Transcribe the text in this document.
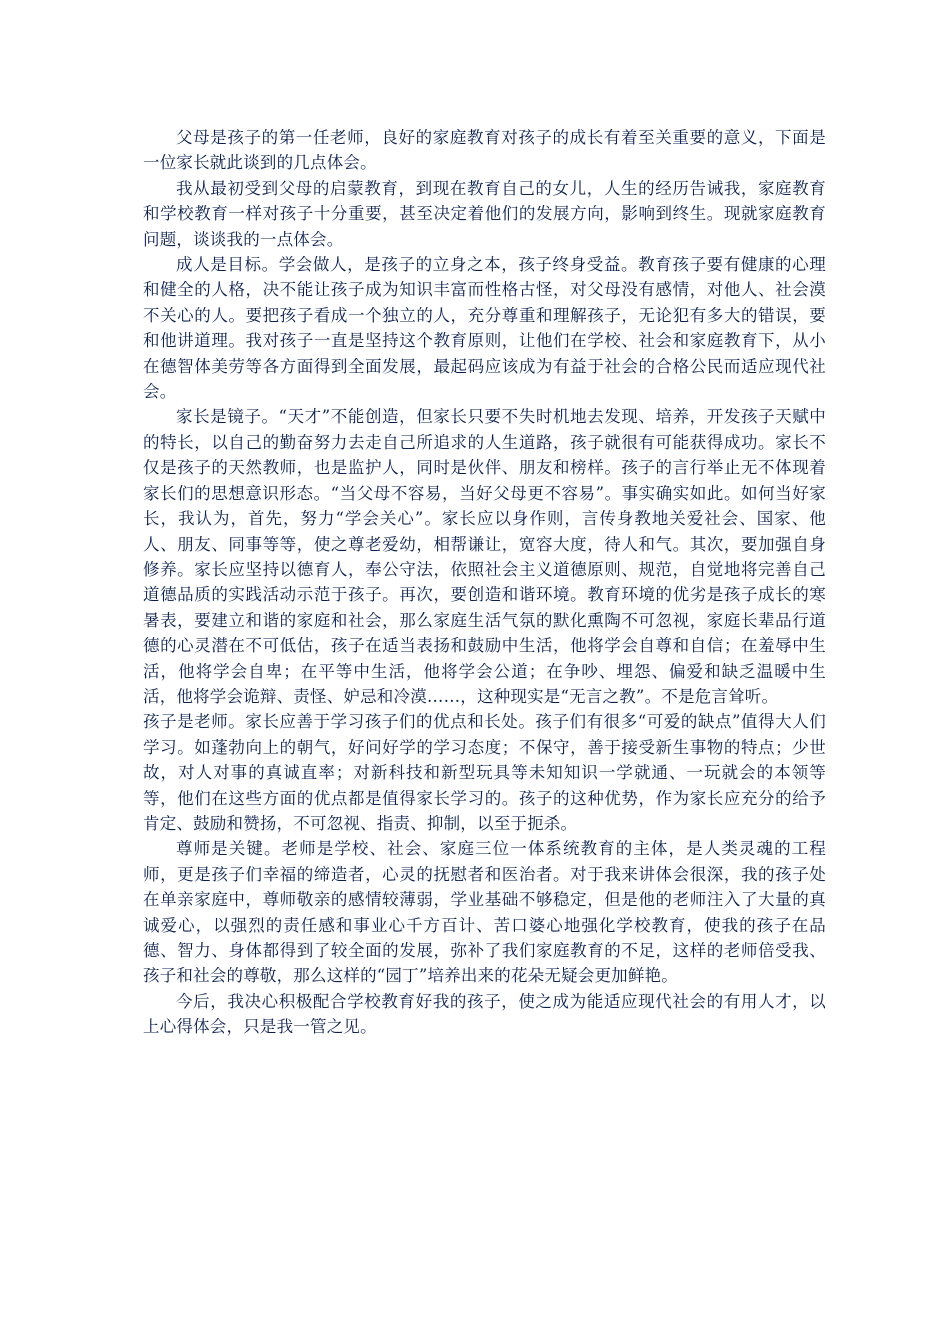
父母是孩子的第一任老师，良好的家庭教育对孩子的成长有着至关重要的意义，下面是一位家长就此谈到的几点体会。

我从最初受到父母的启蒙教育，到现在教育自己的女儿，人生的经历告诫我，家庭教育和学校教育一样对孩子十分重要，甚至决定着他们的发展方向，影响到终生。现就家庭教育问题，谈谈我的一点体会。

成人是目标。学会做人，是孩子的立身之本，孩子终身受益。教育孩子要有健康的心理和健全的人格，决不能让孩子成为知识丰富而性格古怪，对父母没有感情，对他人、社会漠不关心的人。要把孩子看成一个独立的人，充分尊重和理解孩子，无论犯有多大的错误，要和他讲道理。我对孩子一直是坚持这个教育原则，让他们在学校、社会和家庭教育下，从小在德智体美劳等各方面得到全面发展，最起码应该成为有益于社会的合格公民而适应现代社会。

家长是镜子。“天才”不能创造，但家长只要不失时机地去发现、培养，开发孩子天赋中的特长，以自己的勤奋努力去走自己所追求的人生道路，孩子就很有可能获得成功。家长不仅是孩子的天然教师，也是监护人，同时是伙伴、朋友和榜样。孩子的言行举止无不体现着家长们的思想意识形态。“当父母不容易，当好父母更不容易”。事实确实如此。如何当好家长，我认为，首先，努力“学会关心”。家长应以身作则，言传身教地关爱社会、国家、他人、朋友、同事等等，使之尊老爱幼，相帮谦让，宽容大度，待人和气。其次，要加强自身修养。家长应坚持以德育人，奉公守法，依照社会主义道德原则、规范，自觉地将完善自己道德品质的实践活动示范于孩子。再次，要创造和谐环境。教育环境的优劣是孩子成长的寒暑表，要建立和谐的家庭和社会，那么家庭生活气氛的默化熏陶不可忽视，家庭长辈品行道德的心灵潜在不可低估，孩子在适当表扬和鼓励中生活，他将学会自尊和自信；在羞辱中生活，他将学会自卑；在平等中生活，他将学会公道；在争吵、埋怨、偏爱和缺乏温暖中生活，他将学会诡辩、责怪、妒忌和冷漠……，这种现实是“无言之教”。不是危言耸听。

孩子是老师。家长应善于学习孩子们的优点和长处。孩子们有很多“可爱的缺点”值得大人们学习。如蓬勃向上的朝气，好问好学的学习态度；不保守，善于接受新生事物的特点；少世故，对人对事的真诚直率；对新科技和新型玩具等未知知识一学就通、一玩就会的本领等等，他们在这些方面的优点都是值得家长学习的。孩子的这种优势，作为家长应充分的给予肯定、鼓励和赞扬，不可忽视、指责、抑制，以至于扼杀。

尊师是关键。老师是学校、社会、家庭三位一体系统教育的主体，是人类灵魂的工程师，更是孩子们幸福的缔造者，心灵的抚慰者和医治者。对于我来讲体会很深，我的孩子处在单亲家庭中，尊师敬亲的感情较薄弱，学业基础不够稳定，但是他的老师注入了大量的真诚爱心，以强烈的责任感和事业心千方百计、苦口婆心地强化学校教育，使我的孩子在品德、智力、身体都得到了较全面的发展，弥补了我们家庭教育的不足，这样的老师倍受我、孩子和社会的尊敬，那么这样的“园丁”培养出来的花朵无疑会更加鲜艳。

今后，我决心积极配合学校教育好我的孩子，使之成为能适应现代社会的有用人才，以上心得体会，只是我一管之见。
